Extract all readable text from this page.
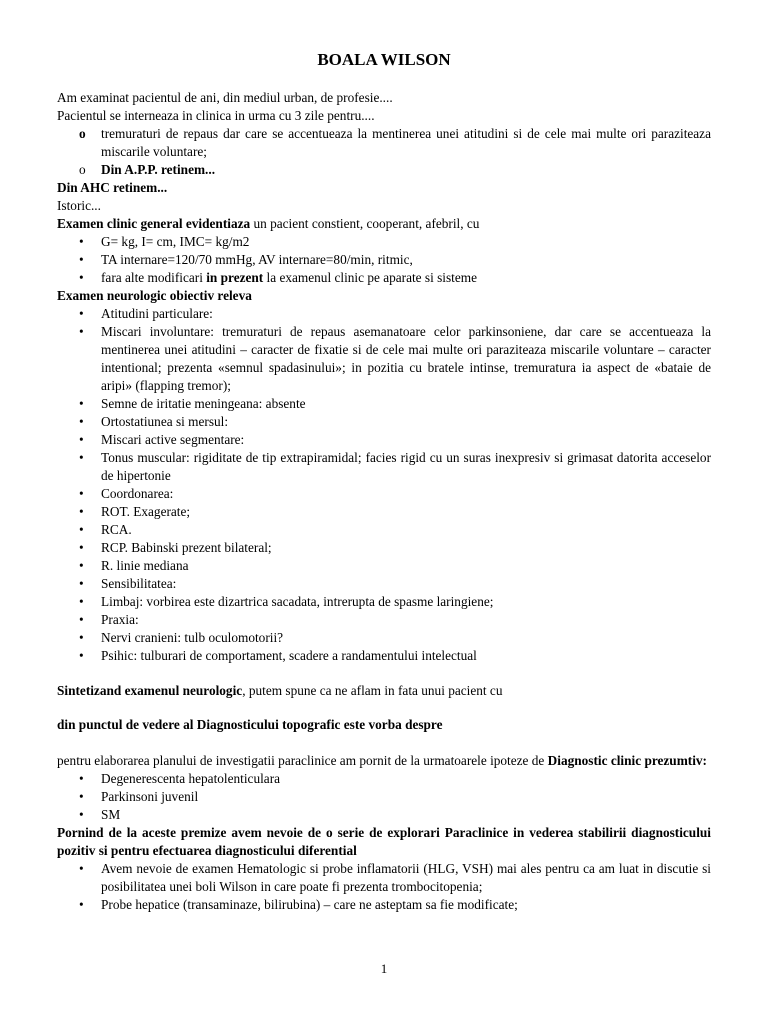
BOALA WILSON

Am examinat pacientul de ani, din mediul urban, de profesie....

Pacientul se interneaza in clinica in urma cu 3 zile pentru....

o tremuraturi de repaus dar care se accentueaza la mentinerea unei atitudini si de cele mai multe ori paraziteaza miscarile voluntare;
o Din A.P.P. retinem...

Din AHC retinem...

Istoric...

Examen clinic general evidentiaza un pacient constient, cooperant, afebril, cu

• G= kg, I= cm, IMC= kg/m2
• TA internare=120/70 mmHg, AV internare=80/min, ritmic,
• fara alte modificari in prezent la examenul clinic pe aparate si sisteme

Examen neurologic obiectiv releva

• Atitudini particulare:
• Miscari involuntare: tremuraturi de repaus asemanatoare celor parkinsoniene, dar care se accentueaza la mentinerea unei atitudini – caracter de fixatie si de cele mai multe ori paraziteaza miscarile voluntare – caracter intentional; prezenta «semnul spadasinului»; in pozitia cu bratele intinse, tremuratura ia aspect de «bataie de aripi» (flapping tremor);
• Semne de iritatie meningeana: absente
• Ortostatiunea si mersul:
• Miscari active segmentare:
• Tonus muscular: rigiditate de tip extrapiramidal; facies rigid cu un suras inexpresiv si grimasat datorita acceselor de hipertonie
• Coordonarea:
• ROT. Exagerate;
• RCA.
• RCP. Babinski prezent bilateral;
• R. linie mediana
• Sensibilitatea:
• Limbaj: vorbirea este dizartrica sacadata, intrerupta de spasme laringiene;
• Praxia:
• Nervi cranieni: tulb oculomotorii?
• Psihic: tulburari de comportament, scadere a randamentului intelectual

Sintetizand examenul neurologic, putem spune ca ne aflam in fata unui pacient cu

din punctul de vedere al Diagnosticului topografic este vorba despre

pentru elaborarea planului de investigatii paraclinice am pornit de la urmatoarele ipoteze de Diagnostic clinic prezumtiv:

• Degenerescenta hepatolenticulara
• Parkinsoni juvenil
• SM

Pornind de la aceste premize avem nevoie de o serie de explorari Paraclinice in vederea stabilirii diagnosticului pozitiv si pentru efectuarea diagnosticului diferential

• Avem nevoie de examen Hematologic si probe inflamatorii (HLG, VSH) mai ales pentru ca am luat in discutie si posibilitatea unei boli Wilson in care poate fi prezenta trombocitopenia;
• Probe hepatice (transaminaze, bilirubina) – care ne asteptam sa fie modificate;
1
